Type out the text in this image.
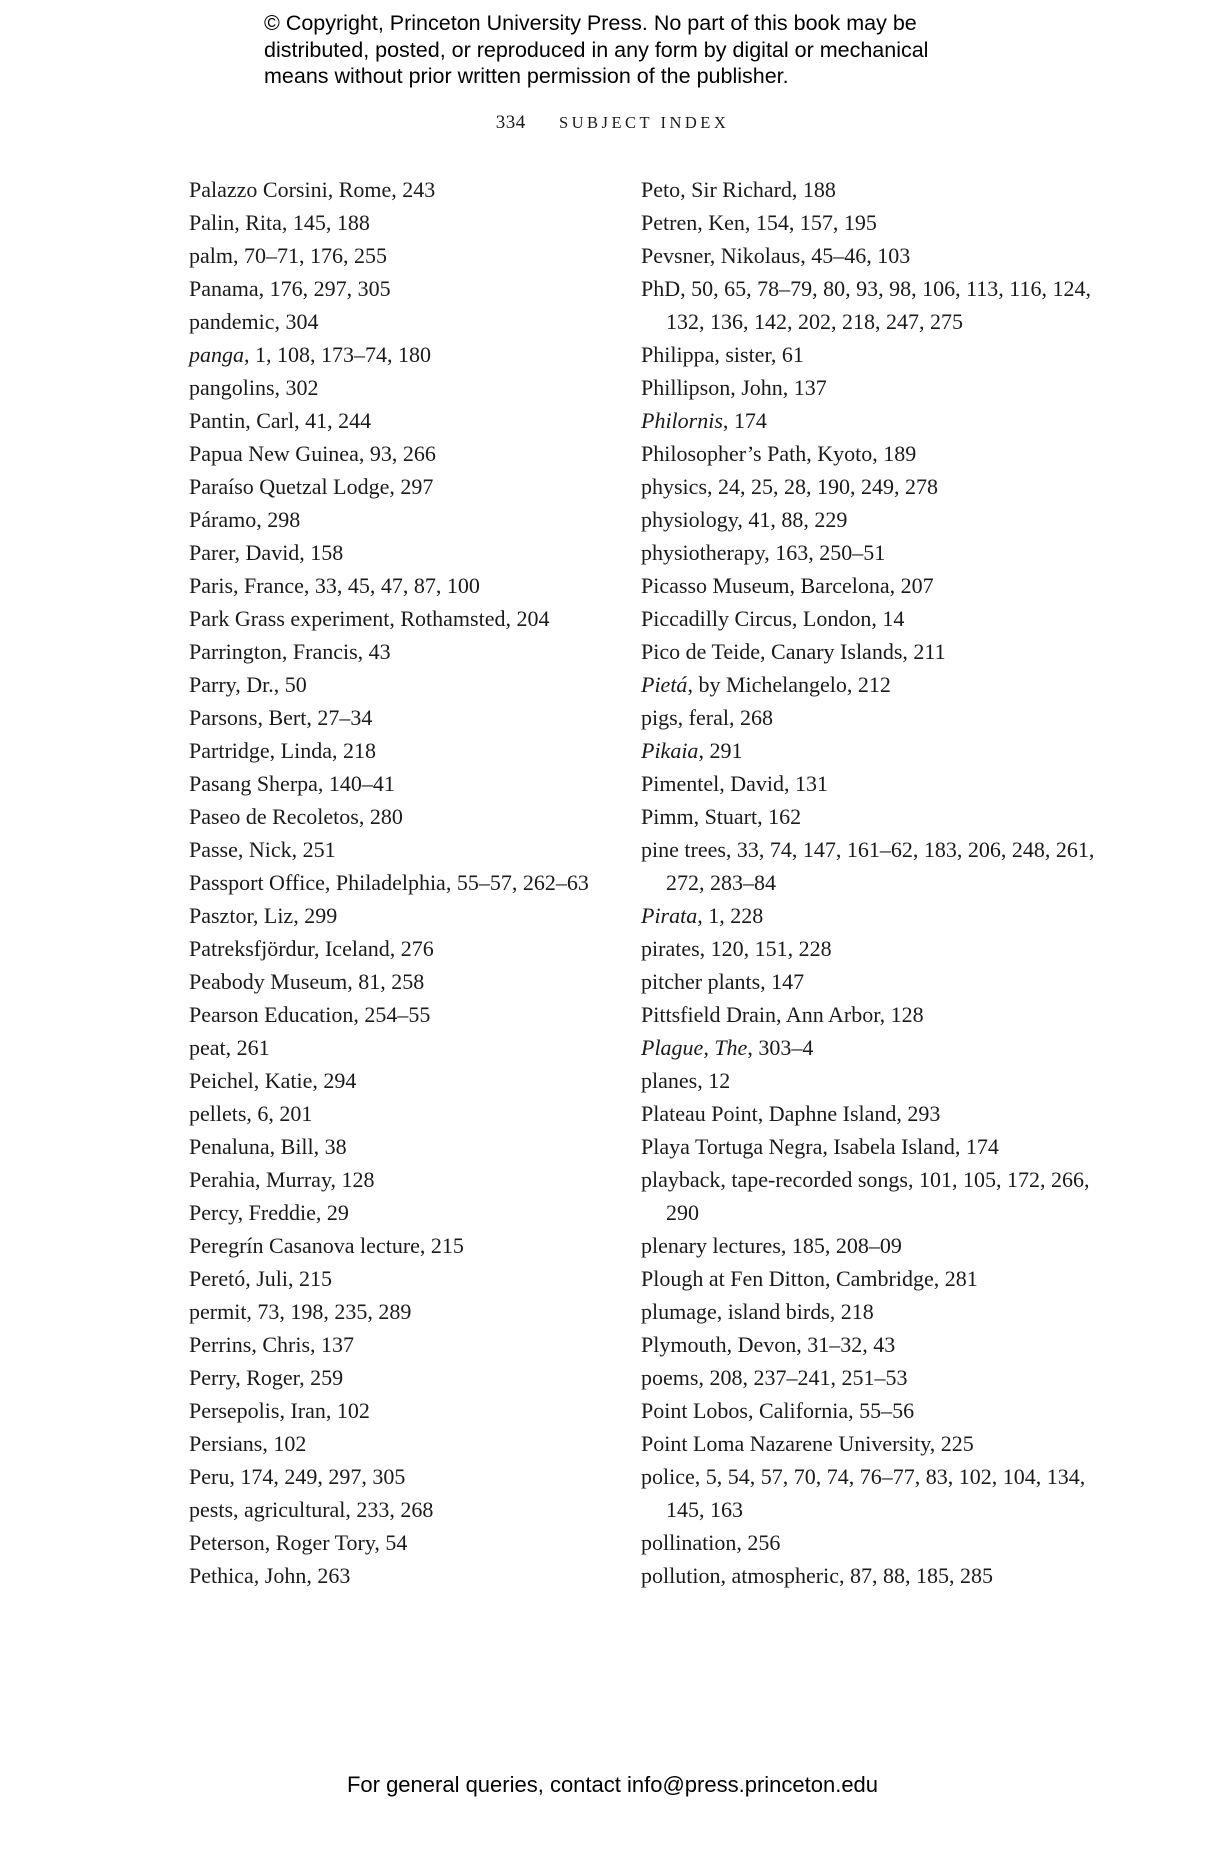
© Copyright, Princeton University Press. No part of this book may be
distributed, posted, or reproduced in any form by digital or mechanical
means without prior written permission of the publisher.
334 SUBJECT INDEX
Palazzo Corsini, Rome, 243
Palin, Rita, 145, 188
palm, 70–71, 176, 255
Panama, 176, 297, 305
pandemic, 304
panga, 1, 108, 173–74, 180
pangolins, 302
Pantin, Carl, 41, 244
Papua New Guinea, 93, 266
Paraíso Quetzal Lodge, 297
Páramo, 298
Parer, David, 158
Paris, France, 33, 45, 47, 87, 100
Park Grass experiment, Rothamsted, 204
Parrington, Francis, 43
Parry, Dr., 50
Parsons, Bert, 27–34
Partridge, Linda, 218
Pasang Sherpa, 140–41
Paseo de Recoletos, 280
Passe, Nick, 251
Passport Office, Philadelphia, 55–57, 262–63
Pasztor, Liz, 299
Patreksfjördur, Iceland, 276
Peabody Museum, 81, 258
Pearson Education, 254–55
peat, 261
Peichel, Katie, 294
pellets, 6, 201
Penaluna, Bill, 38
Perahia, Murray, 128
Percy, Freddie, 29
Peregrín Casanova lecture, 215
Peretó, Juli, 215
permit, 73, 198, 235, 289
Perrins, Chris, 137
Perry, Roger, 259
Persepolis, Iran, 102
Persians, 102
Peru, 174, 249, 297, 305
pests, agricultural, 233, 268
Peterson, Roger Tory, 54
Pethica, John, 263
Peto, Sir Richard, 188
Petren, Ken, 154, 157, 195
Pevsner, Nikolaus, 45–46, 103
PhD, 50, 65, 78–79, 80, 93, 98, 106, 113, 116, 124, 132, 136, 142, 202, 218, 247, 275
Philippa, sister, 61
Phillipson, John, 137
Philornis, 174
Philosopher’s Path, Kyoto, 189
physics, 24, 25, 28, 190, 249, 278
physiology, 41, 88, 229
physiotherapy, 163, 250–51
Picasso Museum, Barcelona, 207
Piccadilly Circus, London, 14
Pico de Teide, Canary Islands, 211
Pietá, by Michelangelo, 212
pigs, feral, 268
Pikaia, 291
Pimentel, David, 131
Pimm, Stuart, 162
pine trees, 33, 74, 147, 161–62, 183, 206, 248, 261, 272, 283–84
Pirata, 1, 228
pirates, 120, 151, 228
pitcher plants, 147
Pittsfield Drain, Ann Arbor, 128
Plague, The, 303–4
planes, 12
Plateau Point, Daphne Island, 293
Playa Tortuga Negra, Isabela Island, 174
playback, tape-recorded songs, 101, 105, 172, 266, 290
plenary lectures, 185, 208–09
Plough at Fen Ditton, Cambridge, 281
plumage, island birds, 218
Plymouth, Devon, 31–32, 43
poems, 208, 237–241, 251–53
Point Lobos, California, 55–56
Point Loma Nazarene University, 225
police, 5, 54, 57, 70, 74, 76–77, 83, 102, 104, 134, 145, 163
pollination, 256
pollution, atmospheric, 87, 88, 185, 285
For general queries, contact info@press.princeton.edu
